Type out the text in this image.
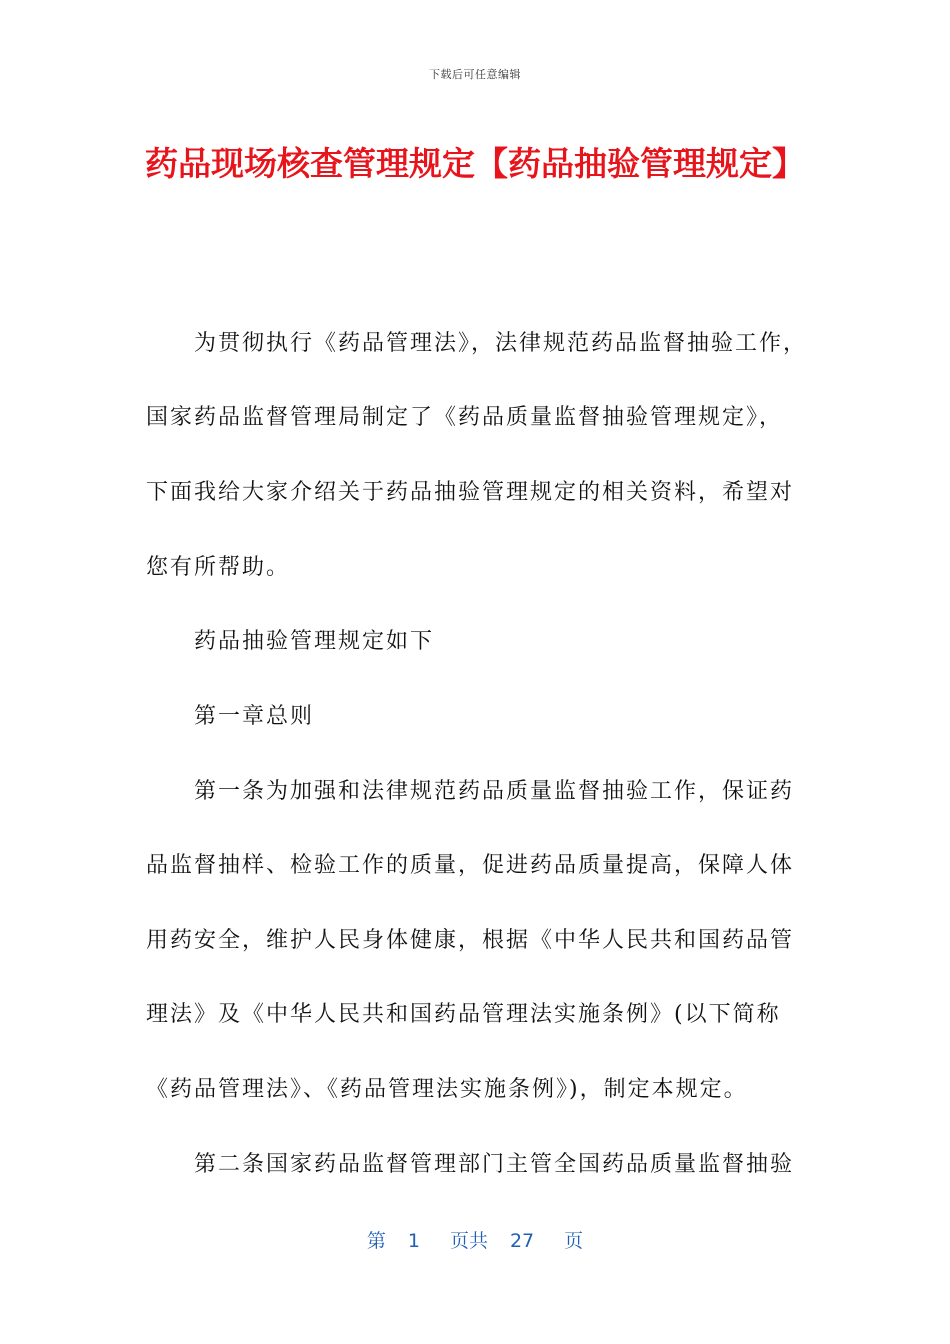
下载后可任意编辑
药品现场核查管理规定【药品抽验管理规定】

为贯彻执行《药品管理法》，法律规范药品监督抽验工作，

国家药品监督管理局制定了《药品质量监督抽验管理规定》，

下面我给大家介绍关于药品抽验管理规定的相关资料，希望对

您有所帮助。

药品抽验管理规定如下

第一章总则

第一条为加强和法律规范药品质量监督抽验工作，保证药

品监督抽样、检验工作的质量，促进药品质量提高，保障人体

用药安全，维护人民身体健康，根据《中华人民共和国药品管

理法》及《中华人民共和国药品管理法实施条例》(以下简称

《药品管理法》、《药品管理法实施条例》)，制定本规定。

第二条国家药品监督管理部门主管全国药品质量监督抽验

第 1 页共 27 页
